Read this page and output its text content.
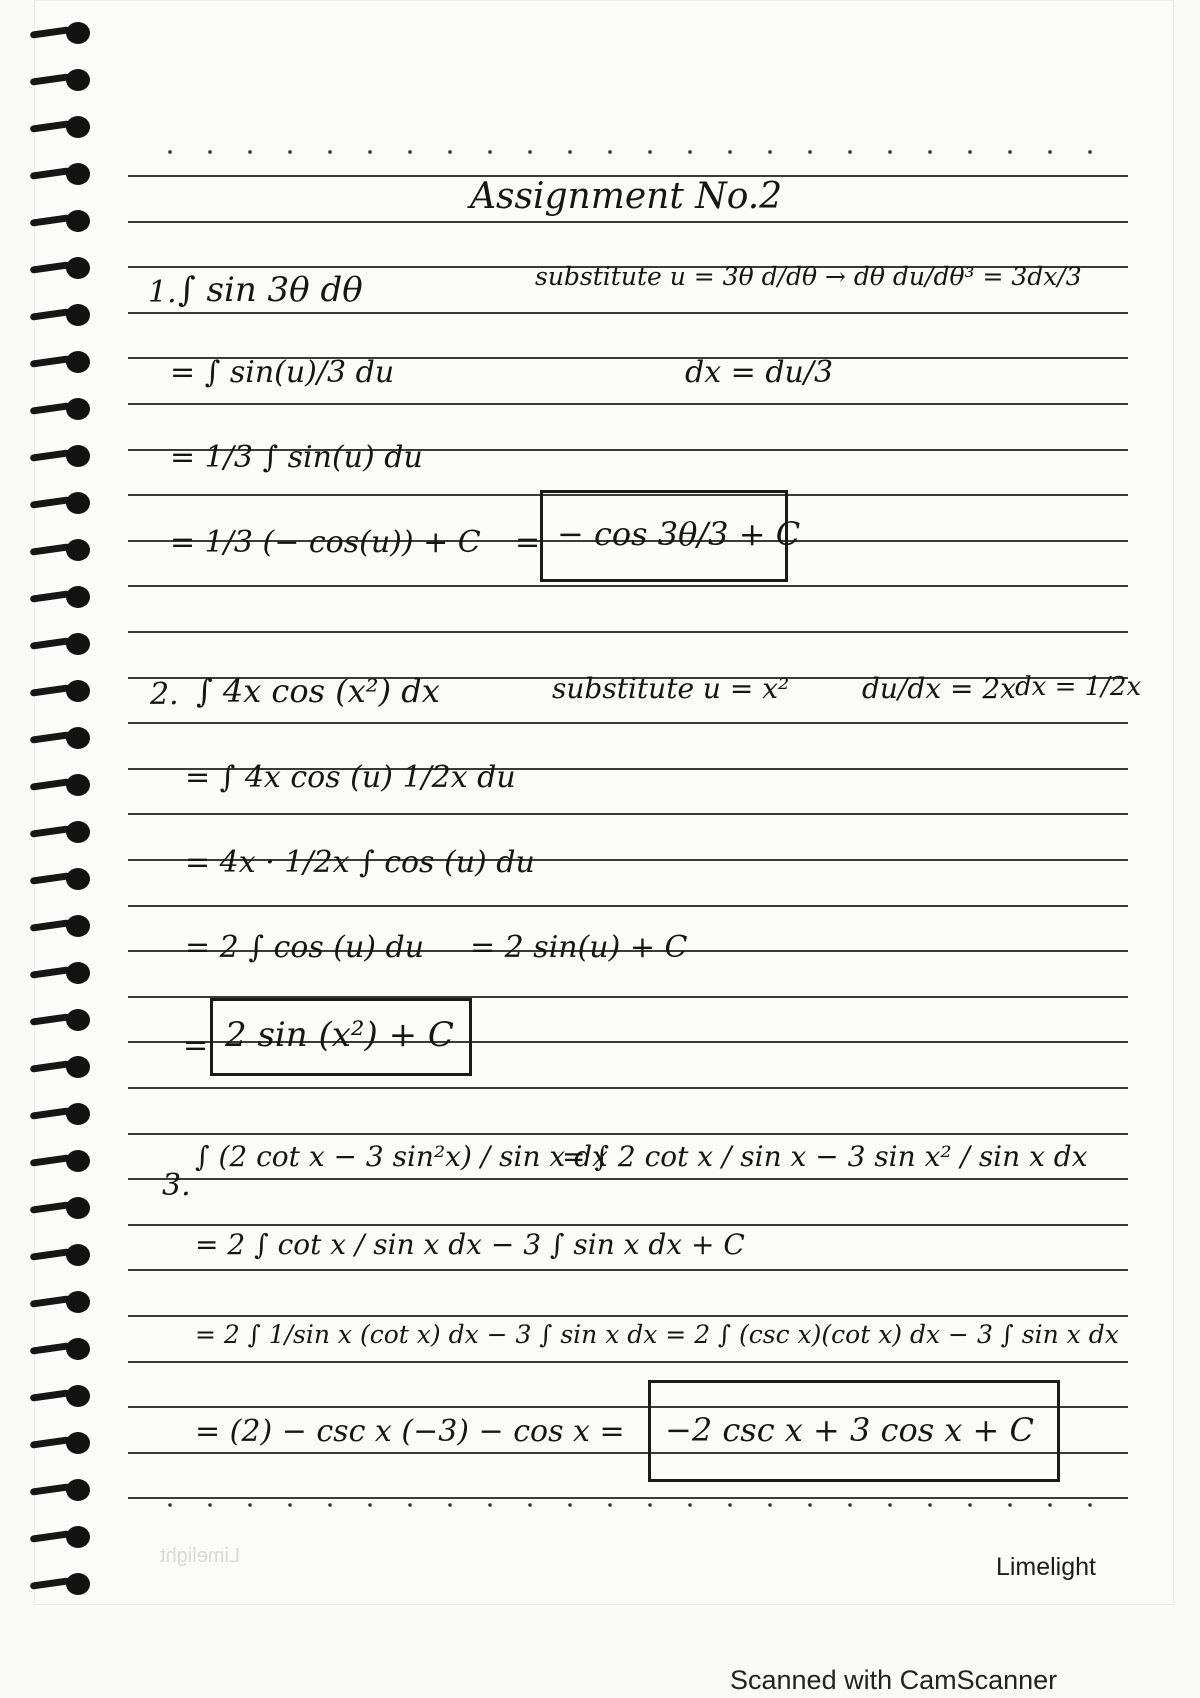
Assignment No.2
1. ∫ sin 3θ dθ	substitute u = 3θ d/dθ → dθ du/dθ³ = 3dx/3
dx = du/3
= ∫ sin(u)/3 du
= 1/3 ∫ sin(u) du
= 1/3 (− cos(u)) + C = − cos 3θ/3 + C
2. ∫ 4x cos (x²) dx	substitute u = x²	du/dx = 2x dx = 1/2x
= ∫ 4x cos (u) 1/2x du
= 4x · 1/2x ∫ cos (u) du
= 2 ∫ cos (u) du = 2 sin(u) + C
= 2 sin (x²) + C
3.
∫ (2 cot x − 3 sin²x) / sin x dx
= ∫ 2 cot x / sin x − 3 sin x² / sin x dx
= 2 ∫ cot x / sin x dx − 3 ∫ sin x dx + C
= 2 ∫ 1/sin x (cot x) dx − 3 ∫ sin x dx = 2 ∫ (csc x)(cot x) dx − 3 ∫ sin x dx
= (2) − csc x (−3) − cos x = −2 csc x + 3 cos x + C
Limelight	Limelight
Scanned with CamScanner
